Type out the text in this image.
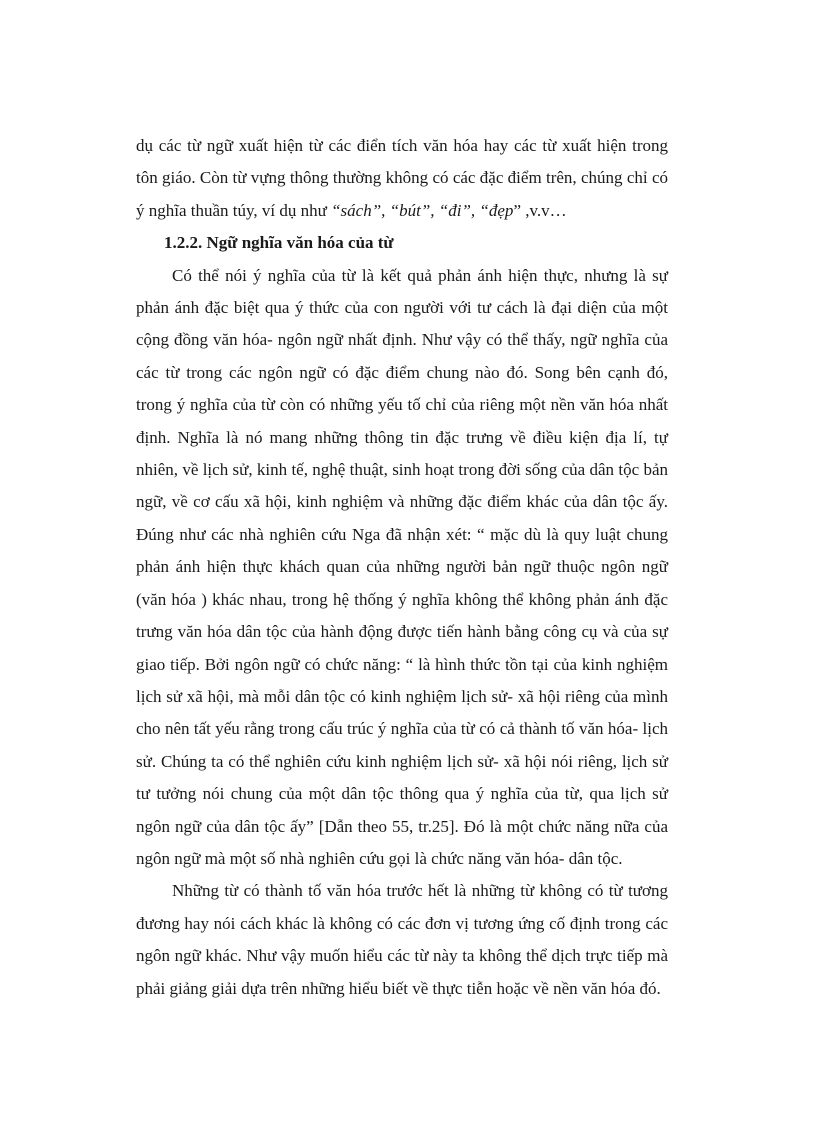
dụ các từ ngữ xuất hiện từ các điển tích văn hóa hay các từ xuất hiện trong tôn giáo. Còn từ vựng thông thường không có các đặc điểm trên, chúng chỉ có ý nghĩa thuần túy, ví dụ như “sách”, “bút”, “đi”, “đẹp” ,v.v…

1.2.2. Ngữ nghĩa văn hóa của từ

Có thể nói ý nghĩa của từ là kết quả phản ánh hiện thực, nhưng là sự phản ánh đặc biệt qua ý thức của con người với tư cách là đại diện của một cộng đồng văn hóa- ngôn ngữ nhất định. Như vậy có thể thấy, ngữ nghĩa của các từ trong các ngôn ngữ có đặc điểm chung nào đó. Song bên cạnh đó, trong ý nghĩa của từ còn có những yếu tố chỉ của riêng một nền văn hóa nhất định. Nghĩa là nó mang những thông tin đặc trưng về điều kiện địa lí, tự nhiên, về lịch sử, kinh tế, nghệ thuật, sinh hoạt trong đời sống của dân tộc bản ngữ, về cơ cấu xã hội, kinh nghiệm và những đặc điểm khác của dân tộc ấy. Đúng như các nhà nghiên cứu Nga đã nhận xét: “ mặc dù là quy luật chung phản ánh hiện thực khách quan của những người bản ngữ thuộc ngôn ngữ (văn hóa ) khác nhau, trong hệ thống ý nghĩa không thể không phản ánh đặc trưng văn hóa dân tộc của hành động được tiến hành bằng công cụ và của sự giao tiếp. Bởi ngôn ngữ có chức năng: “ là hình thức tồn tại của kinh nghiệm lịch sử xã hội, mà mỗi dân tộc có kinh nghiệm lịch sử- xã hội riêng của mình cho nên tất yếu rằng trong cấu trúc ý nghĩa của từ có cả thành tố văn hóa- lịch sử. Chúng ta có thể nghiên cứu kinh nghiệm lịch sử- xã hội nói riêng, lịch sử tư tưởng nói chung của một dân tộc thông qua ý nghĩa của từ, qua lịch sử ngôn ngữ của dân tộc ấy” [Dẫn theo 55, tr.25]. Đó là một chức năng nữa của ngôn ngữ mà một số nhà nghiên cứu gọi là chức năng văn hóa- dân tộc.

Những từ có thành tố văn hóa trước hết là những từ không có từ tương đương hay nói cách khác là không có các đơn vị tương ứng cố định trong các ngôn ngữ khác. Như vậy muốn hiểu các từ này ta không thể dịch trực tiếp mà phải giảng giải dựa trên những hiểu biết về thực tiễn hoặc về nền văn hóa đó.
